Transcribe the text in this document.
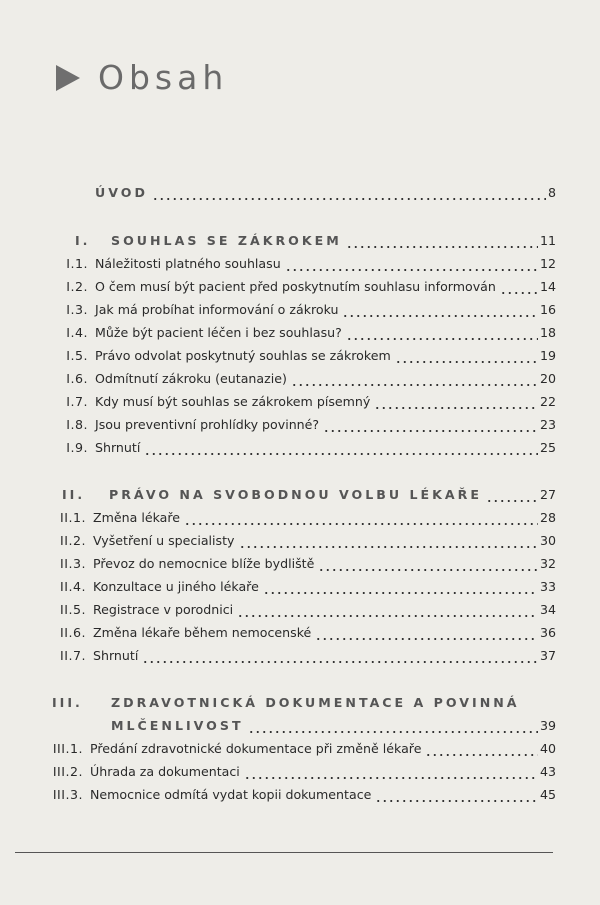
Obsah
ÚVOD	8
I.	SOUHLAS SE ZÁKROKEM	11
I.1. Náležitosti platného souhlasu	12
I.2. O čem musí být pacient před poskytnutím souhlasu informován	14
I.3. Jak má probíhat informování o zákroku	16
I.4. Může být pacient léčen i bez souhlasu?	18
I.5. Právo odvolat poskytnutý souhlas se zákrokem	19
I.6. Odmítnutí zákroku (eutanazie)	20
I.7. Kdy musí být souhlas se zákrokem písemný	22
I.8. Jsou preventivní prohlídky povinné?	23
I.9. Shrnutí	25
II.	PRÁVO NA SVOBODNOU VOLBU LÉKAŘE	27
II.1. Změna lékaře	28
II.2. Vyšetření u specialisty	30
II.3. Převoz do nemocnice blíže bydliště	32
II.4. Konzultace u jiného lékaře	33
II.5. Registrace v porodnici	34
II.6. Změna lékaře během nemocenské	36
II.7. Shrnutí	37
III.	ZDRAVOTNICKÁ DOKUMENTACE A POVINNÁ
MLČENLIVOST	39
III.1. Předání zdravotnické dokumentace při změně lékaře	40
III.2. Úhrada za dokumentaci	43
III.3. Nemocnice odmítá vydat kopii dokumentace	45
